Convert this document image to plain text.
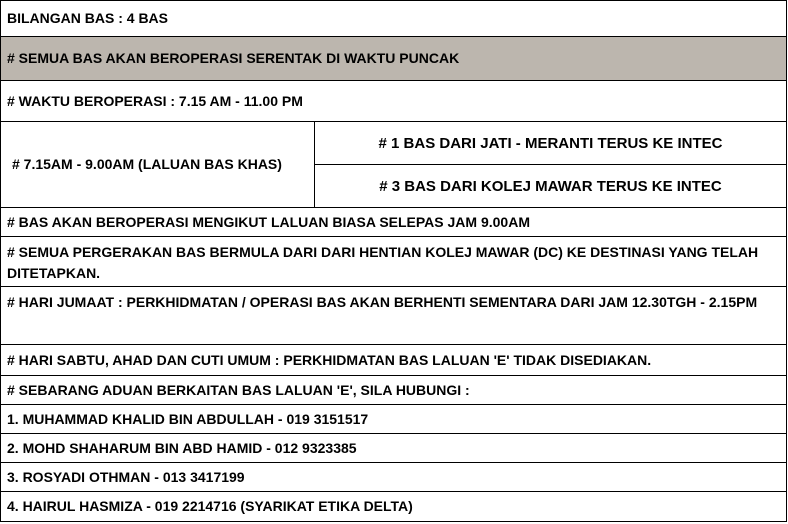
BILANGAN BAS : 4 BAS
# SEMUA BAS AKAN BEROPERASI SERENTAK DI WAKTU PUNCAK
# WAKTU BEROPERASI : 7.15 AM - 11.00 PM
# 7.15AM - 9.00AM (LALUAN BAS KHAS)
# 1 BAS DARI JATI - MERANTI TERUS KE INTEC
# 3 BAS DARI KOLEJ MAWAR TERUS KE INTEC
# BAS AKAN BEROPERASI MENGIKUT LALUAN BIASA SELEPAS JAM 9.00AM
# SEMUA PERGERAKAN BAS BERMULA DARI DARI HENTIAN KOLEJ MAWAR (DC) KE DESTINASI YANG TELAH DITETAPKAN.
# HARI JUMAAT : PERKHIDMATAN / OPERASI BAS AKAN BERHENTI SEMENTARA DARI JAM 12.30TGH - 2.15PM
# HARI SABTU, AHAD DAN CUTI UMUM : PERKHIDMATAN BAS LALUAN 'E' TIDAK DISEDIAKAN.
# SEBARANG ADUAN BERKAITAN BAS LALUAN 'E', SILA HUBUNGI :
1. MUHAMMAD KHALID BIN ABDULLAH - 019 3151517
2. MOHD SHAHARUM BIN ABD HAMID - 012 9323385
3. ROSYADI OTHMAN - 013 3417199
4. HAIRUL HASMIZA - 019 2214716 (SYARIKAT ETIKA DELTA)
